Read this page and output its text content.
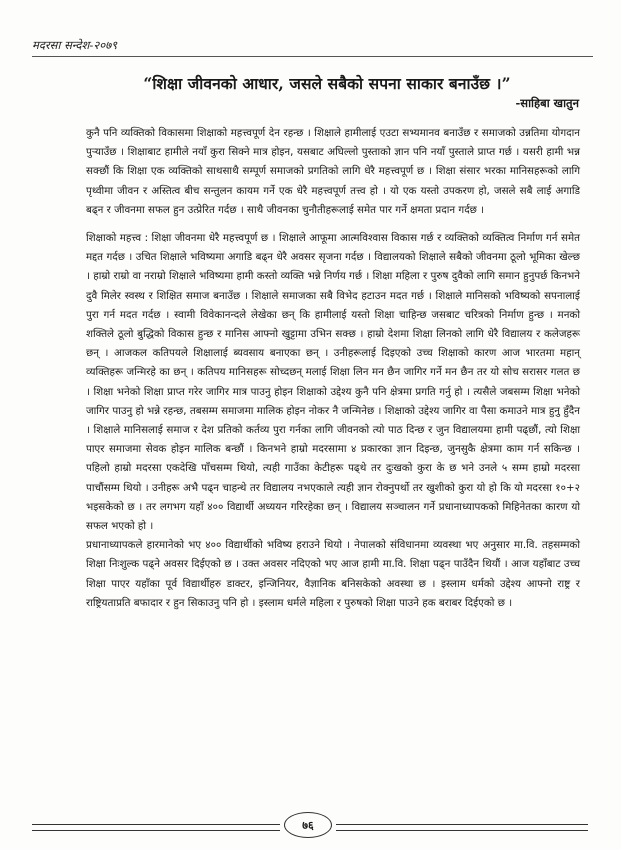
मदरसा सन्देश-२०७९
“शिक्षा जीवनको आधार, जसले सबैको सपना साकार बनाउँछ ।”
-साहिबा खातुन

कुनै पनि व्यक्तिको विकासमा शिक्षाको महत्त्वपूर्ण देन रहन्छ । शिक्षाले हामीलाई एउटा सभ्यमानव बनाउँछ र समाजको उन्नतिमा योगदान पुऱ्याउँछ । शिक्षाबाट हामीले नयाँ कुरा सिक्ने मात्र होइन, यसबाट अघिल्लो पुस्ताको ज्ञान पनि नयाँ पुस्ताले प्राप्त गर्छ । यसरी हामी भन्न सक्छौं कि शिक्षा एक व्यक्तिको साथसाथै सम्पूर्ण समाजको प्रगतिको लागि धेरै महत्त्वपूर्ण छ । शिक्षा संसार भरका मानिसहरूको लागि पृथ्वीमा जीवन र अस्तित्व बीच सन्तुलन कायम गर्ने एक धेरै महत्त्वपूर्ण तत्त्व हो । यो एक यस्तो उपकरण हो, जसले सबै लाई अगाडि बढ्न र जीवनमा सफल हुन उत्प्रेरित गर्दछ । साथै जीवनका चुनौतीहरूलाई समेत पार गर्ने क्षमता प्रदान गर्दछ ।

शिक्षाको महत्त्व : शिक्षा जीवनमा धेरै महत्त्वपूर्ण छ । शिक्षाले आफूमा आत्मविश्वास विकास गर्छ र व्यक्तिको व्यक्तित्व निर्माण गर्न समेत मद्दत गर्दछ । उचित शिक्षाले भविष्यमा अगाडि बढ्न धेरै अवसर सृजना गर्दछ । विद्यालयको शिक्षाले सबैको जीवनमा ठूलो भूमिका खेल्छ । हाम्रो राम्रो वा नराम्रो शिक्षाले भविष्यमा हामी कस्तो व्यक्ति भन्ने निर्णय गर्छ । शिक्षा महिला र पुरुष दुवैको लागि समान हुनुपर्छ किनभने दुवै मिलेर स्वस्थ र शिक्षित समाज बनाउँछ । शिक्षाले समाजका सबै विभेद हटाउन मदत गर्छ । शिक्षाले मानिसको भविष्यको सपनालाई पुरा गर्न मदत गर्दछ । स्वामी विवेकानन्दले लेखेका छन् कि हामीलाई यस्तो शिक्षा चाहिन्छ जसबाट चरित्रको निर्माण हुन्छ । मनको शक्तिले ठूलो बुद्धिको विकास हुन्छ र मानिस आफ्नो खुट्टामा उभिन सक्छ । हाम्रो देशमा शिक्षा लिनको लागि धेरै विद्यालय र कलेजहरू छन् । आजकल कतिपयले शिक्षालाई ब्यवसाय बनाएका छन् । उनीहरूलाई दिइएको उच्च शिक्षाको कारण आज भारतमा महान् व्यक्तिहरू जन्मिरहे का छन् । कतिपय मानिसहरू सोच्दछन् मलाई शिक्षा लिन मन छैन जागिर गर्ने मन छैन तर यो सोच सरासर गलत छ । शिक्षा भनेको शिक्षा प्राप्त गरेर जागिर मात्र पाउनु होइन शिक्षाको उद्देश्य कुनै पनि क्षेत्रमा प्रगति गर्नु हो । त्यसैले जबसम्म शिक्षा भनेको जागिर पाउनु हो भन्ने रहन्छ, तबसम्म समाजमा मालिक होइन नोकर नै जन्मिनेछ । शिक्षाको उद्देश्य जागिर वा पैसा कमाउने मात्र हुनु हुँदैन । शिक्षाले मानिसलाई समाज र देश प्रतिको कर्तव्य पुरा गर्नका लागि जीवनको त्यो पाठ दिन्छ र जुन विद्यालयमा हामी पढ्छौं, त्यो शिक्षा पाएर समाजमा सेवक होइन मालिक बन्छौं । किनभने हाम्रो मदरसामा ४ प्रकारका ज्ञान दिइन्छ, जुनसुकै क्षेत्रमा काम गर्न सकिन्छ । पहिलो हाम्रो मदरसा एकदेखि पाँचसम्म थियो, त्यही गाउँका केटीहरू पढ्थे तर दुःखको कुरा के छ भने उनले ५ सम्म हाम्रो मदरसा पाचौंसम्म थियो । उनीहरू अभै पढ्न चाहन्थे तर विद्यालय नभएकाले त्यही ज्ञान रोक्नुपर्थो तर खुशीको कुरा यो हो कि यो मदरसा १०+२ भइसकेको छ । तर लगभग यहाँ ४०० विद्यार्थी अध्ययन गरिरहेका छन् । विद्यालय सञ्चालन गर्ने प्रधानाध्यापकको मिहिनेतका कारण यो सफल भएको हो ।

प्रधानाध्यापकले हारमानेको भए ४०० विद्यार्थीको भविष्य हराउने थियो । नेपालको संविधानमा व्यवस्था भए अनुसार मा.वि. तहसम्मको शिक्षा निःशुल्क पढ्ने अवसर दिईएको छ । उक्त अवसर नदिएको भए आज हामी मा.वि. शिक्षा पढ्न पाउँदैन थियौं । आज यहाँबाट उच्च शिक्षा पाएर यहाँका पूर्व विद्यार्थीहरु डाक्टर, इन्जिनियर, वैज्ञानिक बनिसकेको अवस्था छ । इस्लाम धर्मको उद्देश्य आफ्नो राष्ट्र र राष्ट्रियताप्रति बफादार र हुन सिकाउनु पनि हो । इस्लाम धर्मले महिला र पुरुषको शिक्षा पाउने हक बराबर दिईएको छ ।

७६
